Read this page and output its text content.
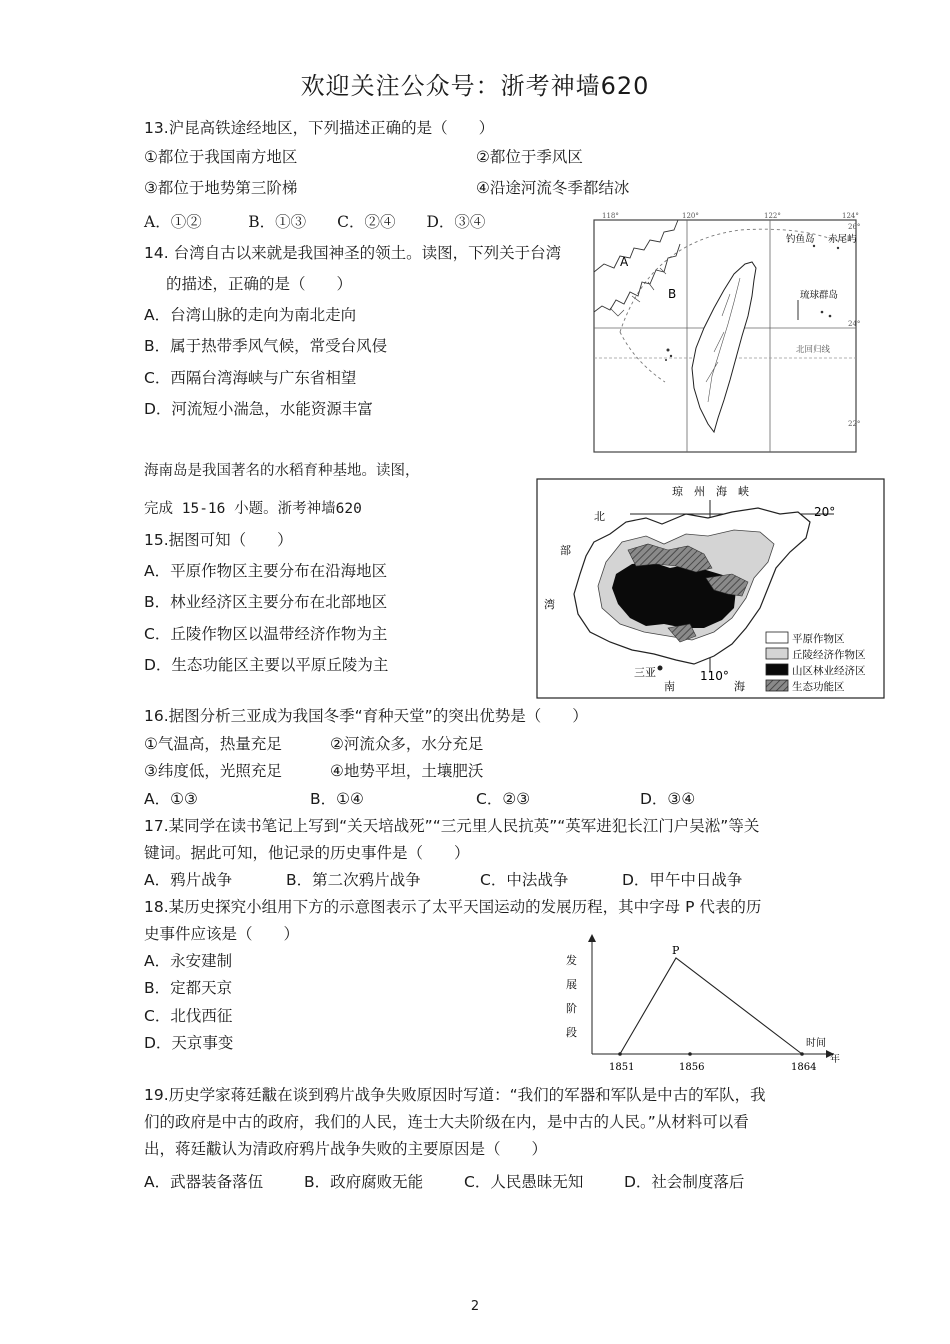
欢迎关注公众号：浙考神墙620
13.沪昆高铁途经地区，下列描述正确的是（　　）
①都位于我国南方地区	②都位于季风区
③都位于地势第三阶梯	④沿途河流冬季都结冰
A．①②　　　B．①③　　C．②④　　D．③④
14. 台湾自古以来就是我国神圣的领土。读图，下列关于台湾
的描述，正确的是（　　）
A．台湾山脉的走向为南北走向
B．属于热带季风气候，常受台风侵
C．西隔台湾海峡与广东省相望
D．河流短小湍急，水能资源丰富
118°	120°	122°	124°
26°
24°
22°
A
B
钓鱼岛 赤尾屿
琉球群岛
北回归线
海南岛是我国著名的水稻育种基地。读图，
完成 15-16 小题。浙考神墙620
15.据图可知（　　）
A．平原作物区主要分布在沿海地区
B．林业经济区主要分布在北部地区
C．丘陵作物区以温带经济作物为主
D．生态功能区主要以平原丘陵为主
琼　州　海　峡
北
部
湾
20°
110°
三亚
南	海
平原作物区
丘陵经济作物区
山区林业经济区
生态功能区
16.据图分析三亚成为我国冬季“育种天堂”的突出优势是（　　）
①气温高，热量充足	②河流众多，水分充足
③纬度低，光照充足	④地势平坦，土壤肥沃
A．①③	B．①④	C．②③	D．③④
17.某同学在读书笔记上写到“关天培战死”“三元里人民抗英”“英军进犯长江门户吴淞”等关
键词。据此可知，他记录的历史事件是（　　）
A．鸦片战争	B．第二次鸦片战争	C．中法战争	D．甲午中日战争
18.某历史探究小组用下方的示意图表示了太平天国运动的发展历程，其中字母 P 代表的历
史事件应该是（　　）
A．永安建制
B．定都天京
C．北伐西征
D．天京事变
发
展
阶
段
时间
年
P
1851	1856	1864
19.历史学家蒋廷黻在谈到鸦片战争失败原因时写道：“我们的军器和军队是中古的军队，我
们的政府是中古的政府，我们的人民，连士大夫阶级在内，是中古的人民。”从材料可以看
出，蒋廷黻认为清政府鸦片战争失败的主要原因是（　　）
A．武器装备落伍	B．政府腐败无能	C．人民愚昧无知	D．社会制度落后
2
